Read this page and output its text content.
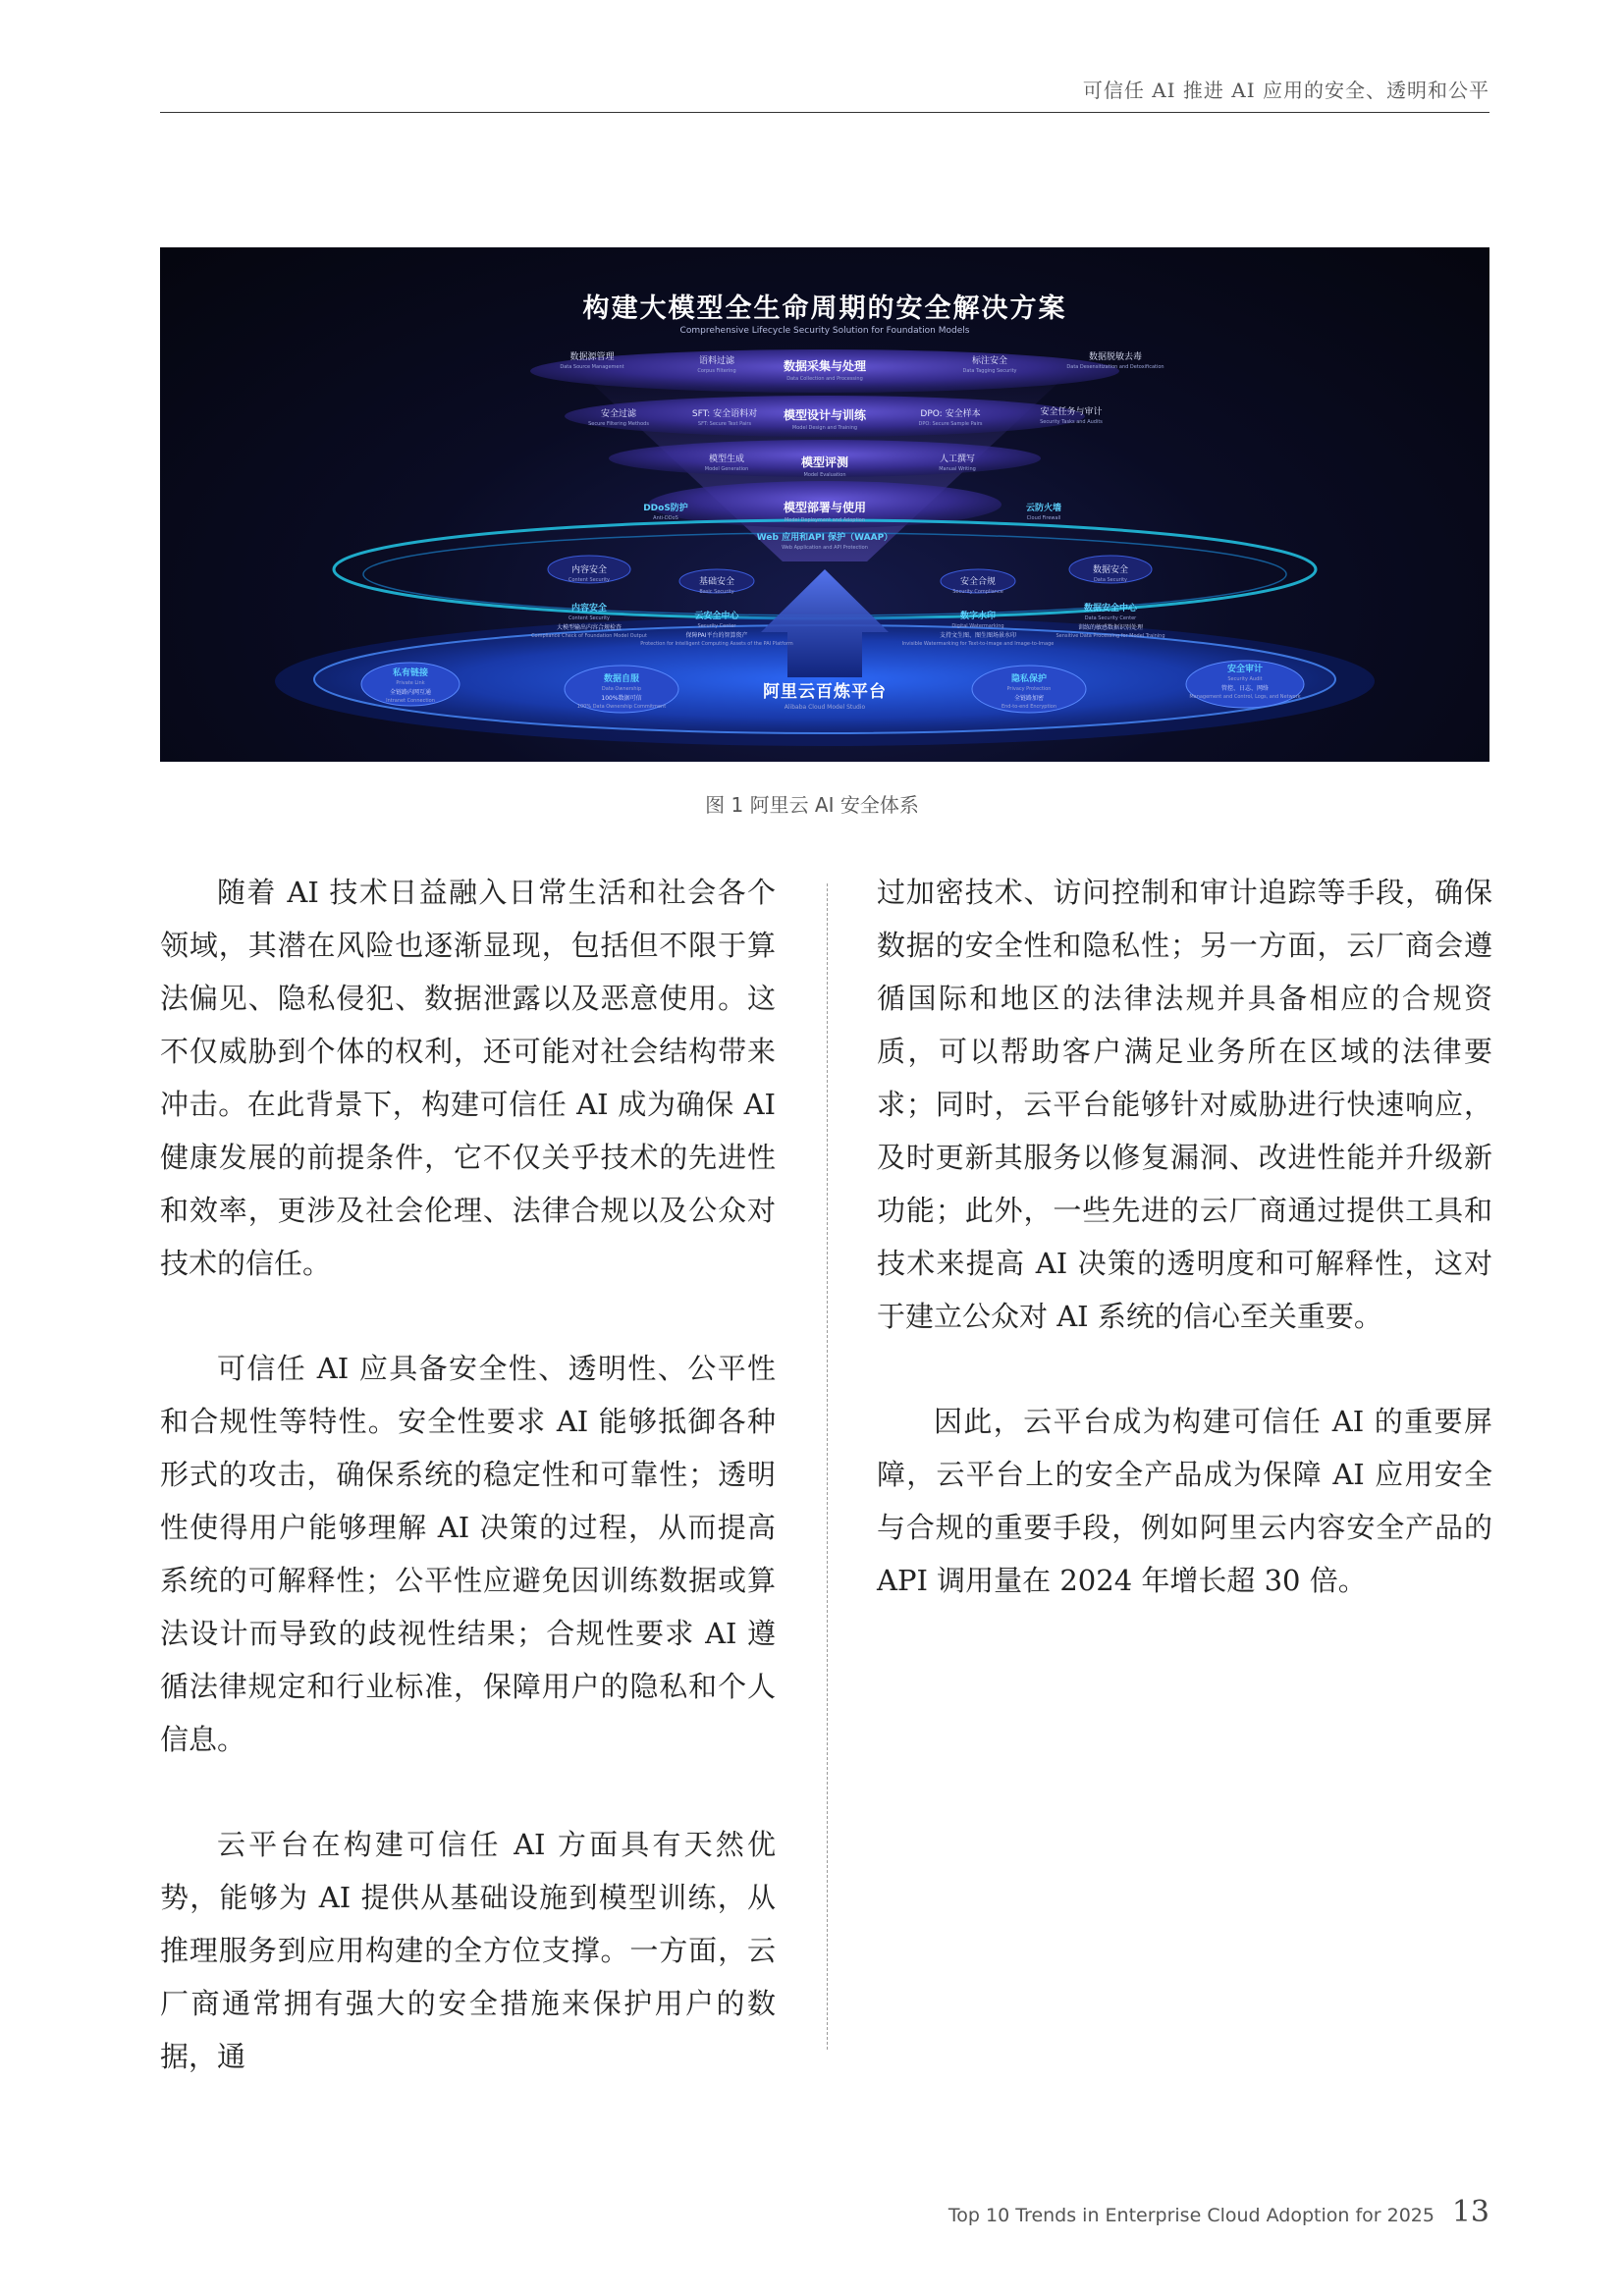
可信任 AI 推进 AI 应用的安全、透明和公平
构建大模型全生命周期的安全解决方案
Comprehensive Lifecycle Security Solution for Foundation Models
数据源管理
Data Source Management
语料过滤
Corpus Filtering	数据采集与处理
Data Collection and Processing
标注安全
Data Tagging Security
数据脱敏去毒
Data Desensitization and Detoxification
安全过滤
Secure Filtering Methods
SFT: 安全语料对
SFT: Secure Text Pairs
模型设计与训练
Model Design and Training
DPO: 安全样本
DPO: Secure Sample Pairs
安全任务与审计
Security Tasks and Audits
模型生成
Model Generation	模型评测
Model Evaluation
人工撰写
Manual Writing
DDoS防护
Anti-DDoS
模型部署与使用
Model Deployment and Adoption
云防火墙
Cloud Firewall
Web 应用和API 保护（WAAP）
Web Application and API Protection
内容安全
Content Security	基础安全
Basic Security
安全合规
Security Compliance
数据安全
Data Security
内容安全
Content Security
大模型输出内容合规检查
Compliance Check of Foundation Model Output
云安全中心
Security Center
保障PAI平台的智算资产
Protection for Intelligent Computing Assets of the PAI Platform
数字水印
Digital Watermarking
支持文生图、图生图场景水印
Invisible Watermarking for Text-to-Image and Image-to-Image
数据安全中心
Data Security Center
训练的敏感数据识别处理
Sensitive Data Processing for Model Training
私有链接
Private Link
全链路内网互通
Intranet Connection
数据自服
Data Ownership
100%数据可信
100% Data Ownership Commitment
阿里云百炼平台
Alibaba Cloud Model Studio
隐私保护
Privacy Protection
全链路加密
End-to-end Encryption
安全审计
Security Audit
管控、日志、网络
Management and Control, Logs, and Network
图 1 阿里云 AI 安全体系

随着 AI 技术日益融入日常生活和社会各个领域，其潜在风险也逐渐显现，包括但不限于算法偏见、隐私侵犯、数据泄露以及恶意使用。这不仅威胁到个体的权利，还可能对社会结构带来冲击。在此背景下，构建可信任 AI 成为确保 AI 健康发展的前提条件，它不仅关乎技术的先进性和效率，更涉及社会伦理、法律合规以及公众对技术的信任。

可信任 AI 应具备安全性、透明性、公平性和合规性等特性。安全性要求 AI 能够抵御各种形式的攻击，确保系统的稳定性和可靠性；透明性使得用户能够理解 AI 决策的过程，从而提高系统的可解释性；公平性应避免因训练数据或算法设计而导致的歧视性结果；合规性要求 AI 遵循法律规定和行业标准，保障用户的隐私和个人信息。

云平台在构建可信任 AI 方面具有天然优势，能够为 AI 提供从基础设施到模型训练，从推理服务到应用构建的全方位支撑。一方面，云厂商通常拥有强大的安全措施来保护用户的数据，通

过加密技术、访问控制和审计追踪等手段，确保数据的安全性和隐私性；另一方面，云厂商会遵循国际和地区的法律法规并具备相应的合规资质，可以帮助客户满足业务所在区域的法律要求；同时，云平台能够针对威胁进行快速响应，及时更新其服务以修复漏洞、改进性能并升级新功能；此外，一些先进的云厂商通过提供工具和技术来提高 AI 决策的透明度和可解释性，这对于建立公众对 AI 系统的信心至关重要。

因此，云平台成为构建可信任 AI 的重要屏障，云平台上的安全产品成为保障 AI 应用安全与合规的重要手段，例如阿里云内容安全产品的 API 调用量在 2024 年增长超 30 倍。

Top 10 Trends in Enterprise Cloud Adoption for 2025 13
